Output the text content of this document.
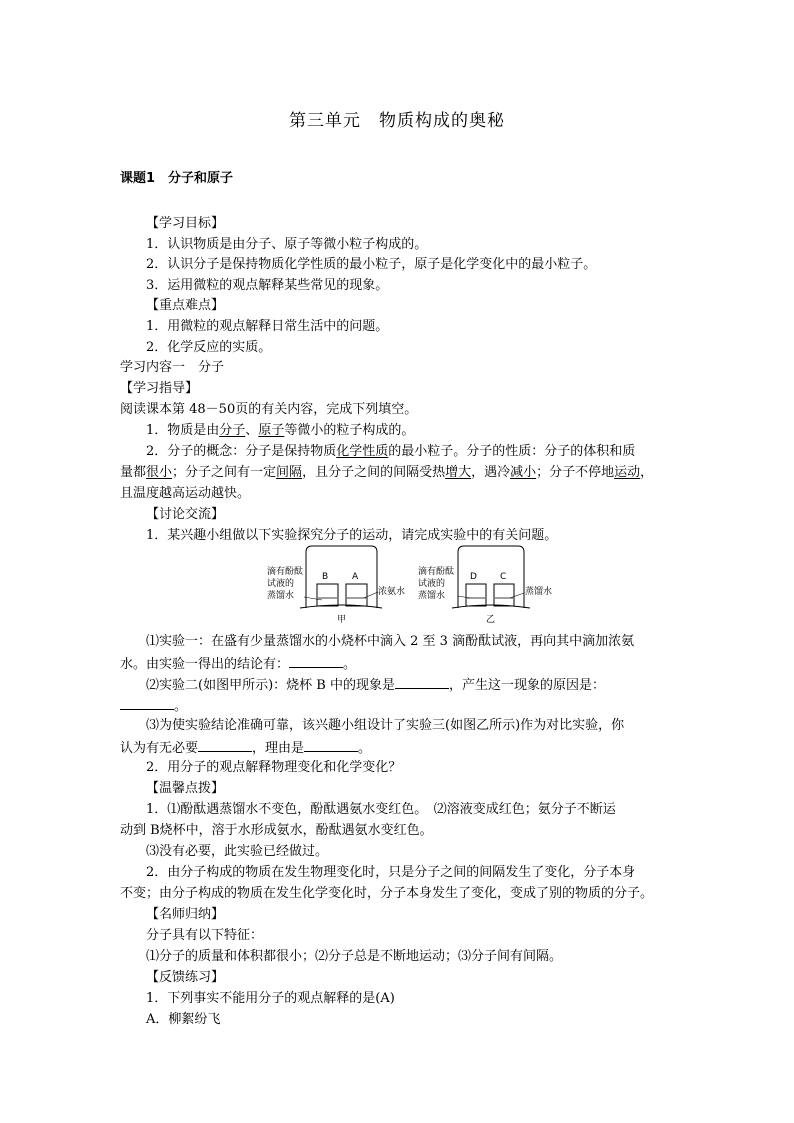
第三单元　物质构成的奥秘
课题1　分子和原子
【学习目标】
1．认识物质是由分子、原子等微小粒子构成的。
2．认识分子是保持物质化学性质的最小粒子，原子是化学变化中的最小粒子。
3．运用微粒的观点解释某些常见的现象。
【重点难点】
1．用微粒的观点解释日常生活中的问题。
2．化学反应的实质。
学习内容一　分子
【学习指导】
阅读课本第 48－50页的有关内容，完成下列填空。
1．物质是由分子、原子等微小的粒子构成的。
2．分子的概念：分子是保持物质化学性质的最小粒子。分子的性质：分子的体积和质
量都很小；分子之间有一定间隔，且分子之间的间隔受热增大，遇冷减小；分子不停地运动，
且温度越高运动越快。
【讨论交流】
1．某兴趣小组做以下实验探究分子的运动，请完成实验中的有关问题。
滴有酚酞
试液的
蒸馏水
B	A
浓氨水
甲
滴有酚酞
试液的
蒸馏水
D	C
蒸馏水
乙
⑴实验一：在盛有少量蒸馏水的小烧杯中滴入 2 至 3 滴酚酞试液，再向其中滴加浓氨
水。由实验一得出的结论有：	。
⑵实验二(如图甲所示)：烧杯 B 中的现象是	，产生这一现象的原因是：
。
⑶为使实验结论准确可靠，该兴趣小组设计了实验三(如图乙所示)作为对比实验，你
认为有无必要	，理由是	。
2．用分子的观点解释物理变化和化学变化？
【温馨点拨】
1．⑴酚酞遇蒸馏水不变色，酚酞遇氨水变红色。　⑵溶液变成红色；氨分子不断运
动到 B烧杯中，溶于水形成氨水，酚酞遇氨水变红色。
⑶没有必要，此实验已经做过。
2．由分子构成的物质在发生物理变化时，只是分子之间的间隔发生了变化，分子本身
不变；由分子构成的物质在发生化学变化时，分子本身发生了变化，变成了别的物质的分子。
【名师归纳】
分子具有以下特征：
⑴分子的质量和体积都很小；⑵分子总是不断地运动；⑶分子间有间隔。
【反馈练习】
1．下列事实不能用分子的观点解释的是(A)
A．柳絮纷飞
